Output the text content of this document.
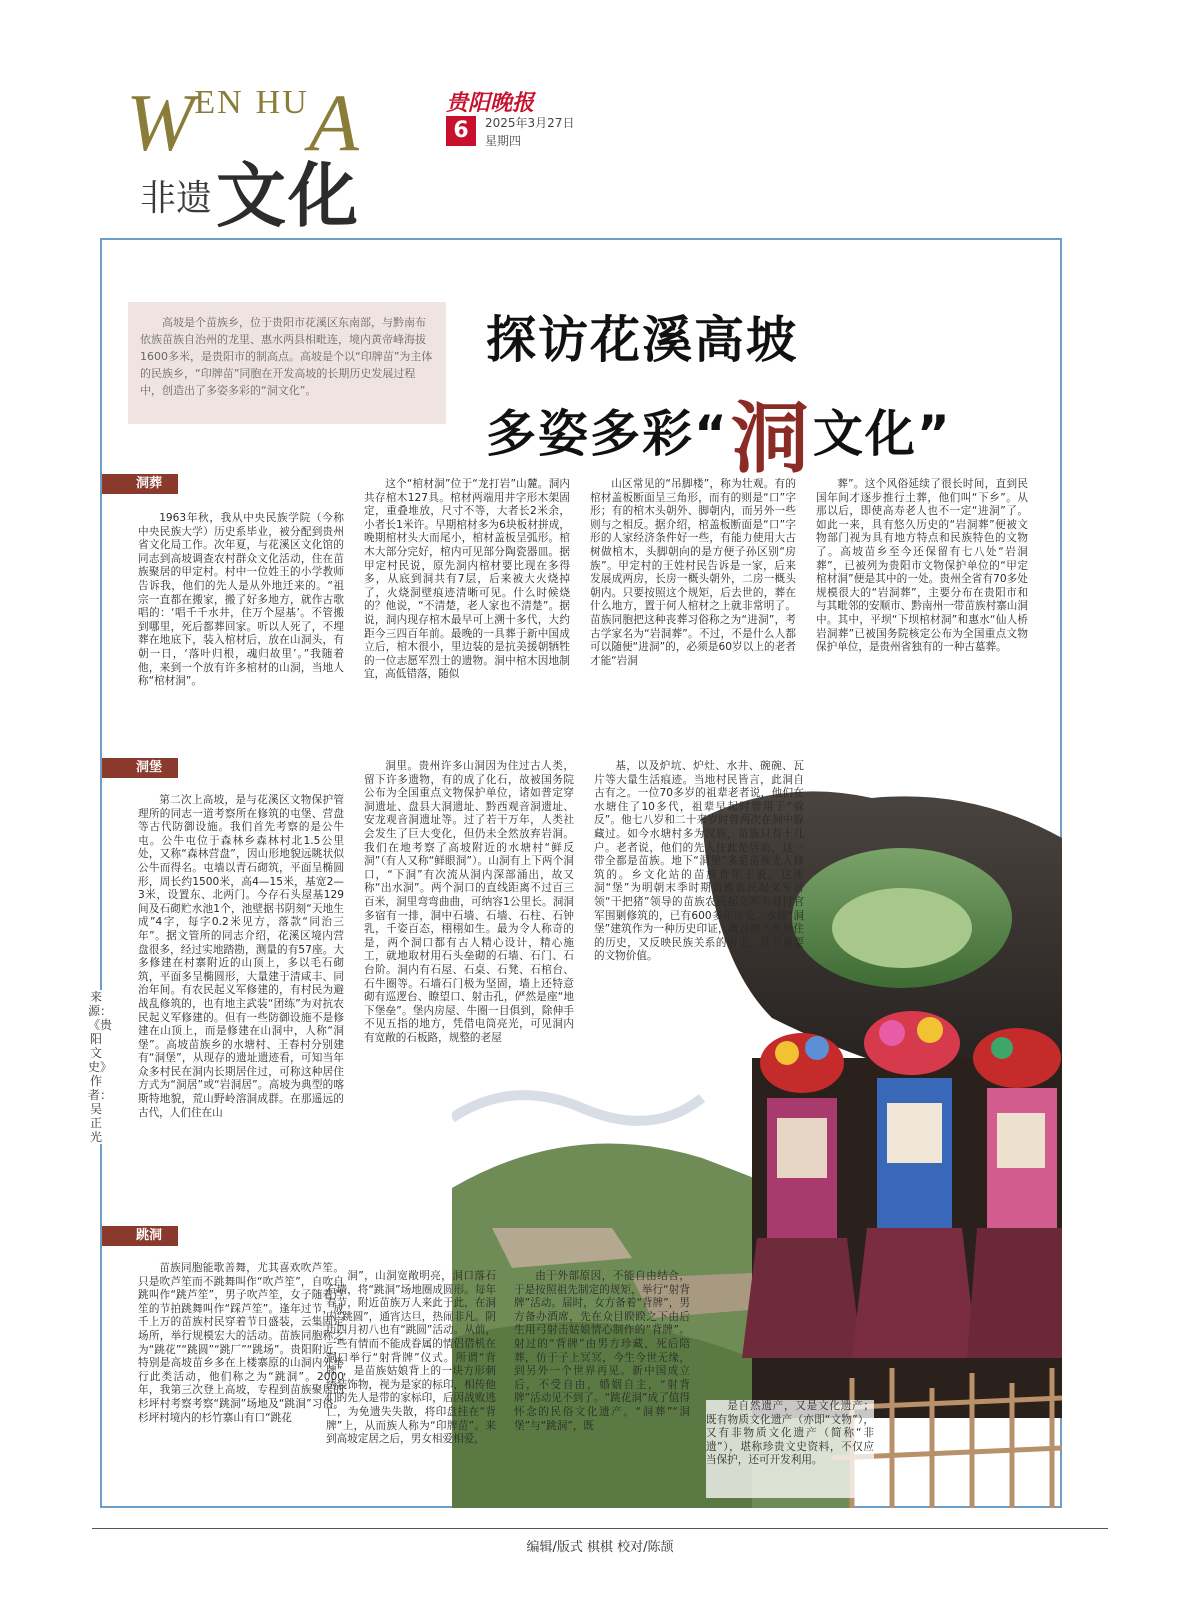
WEN HUA
非遗 文化
贵阳晚报
6	2025年3月27日
星期四
来源：《贵阳文史》作者：吴正光
高坡是个苗族乡，位于贵阳市花溪区东南部，与黔南布依族苗族自治州的龙里、惠水两县相毗连，境内黄帝峰海拔1600多米，是贵阳市的制高点。高坡是个以“印牌苗”为主体的民族乡，“印牌苗”同胞在开发高坡的长期历史发展过程中，创造出了多姿多彩的“洞文化”。
探访花溪高坡
多姿多彩“洞文化”
洞葬

1963年秋，我从中央民族学院（今称中央民族大学）历史系毕业，被分配到贵州省文化局工作。次年夏，与花溪区文化馆的同志到高坡调查农村群众文化活动，住在苗族聚居的甲定村。村中一位姓王的小学教师告诉我，他们的先人是从外地迁来的。“祖宗一直都在搬家，搬了好多地方，就作古歌唱的：‘唱千千水井，住万个屋基’。不管搬到哪里，死后都葬回家。听以人死了，不埋葬在地底下，装入棺材后，放在山洞头，有朝一日，‘落叶归根，魂归故里’。”我随着他，来到一个放有许多棺材的山洞，当地人称“棺材洞”。

这个“棺材洞”位于“龙打岩”山麓。洞内共存棺木127具。棺材两端用井字形木架固定，重叠堆放，尺寸不等，大者长2米余，小者长1米许。早期棺材多为6块板材拼成，晚期棺材头大而尾小，棺材盖板呈弧形。棺木大部分完好，棺内可见部分陶瓷器皿。据甲定村民说，原先洞内棺材要比现在多得多，从底到洞共有7层，后来被大火烧掉了，火烧洞壁痕迹清晰可见。什么时候烧的？他说，“不清楚，老人家也不清楚”。据说，洞内现存棺木最早可上溯十多代，大约距今三四百年前。最晚的一具葬于新中国成立后，棺木很小，里边装的是抗美援朝牺牲的一位志愿军烈士的遗物。洞中棺木因地制宜，高低错落，随似

山区常见的“吊脚楼”，称为壮观。有的棺材盖板断面呈三角形，而有的则是“口”字形；有的棺木头朝外、脚朝内，而另外一些则与之相反。据介绍，棺盖板断面是“口”字形的人家经济条件好一些，有能力使用大古树做棺木，头脚朝向的是方便子孙区别“房族”。甲定村的王姓村民告诉是一家，后来发展成两房，长房一概头朝外，二房一概头朝内。只要按照这个规矩，后去世的，葬在什么地方，置于何人棺材之上就非常明了。苗族同胞把这种丧葬习俗称之为“进洞”，考古学家名为“岩洞葬”。不过，不是什么人都可以随便“进洞”的，必须是60岁以上的老者才能“岩洞

葬”。这个风俗延续了很长时间，直到民国年间才逐步推行土葬，他们叫“下乡”。从那以后，即使高寿老人也不一定“进洞”了。如此一来，具有悠久历史的“岩洞葬”便被文物部门视为具有地方特点和民族特色的文物了。高坡苗乡至今还保留有七八处“岩洞葬”，已被列为贵阳市文物保护单位的“甲定棺材洞”便是其中的一处。贵州全省有70多处规模很大的“岩洞葬”，主要分布在贵阳市和与其毗邻的安顺市、黔南州一带苗族村寨山洞中。其中，平坝“下坝棺材洞”和惠水“仙人桥岩洞葬”已被国务院核定公布为全国重点文物保护单位，是贵州省独有的一种古墓葬。

洞堡

第二次上高坡，是与花溪区文物保护管理所的同志一道考察所在修筑的屯堡、营盘等古代防御设施。我们首先考察的是公牛屯。公牛屯位于森林乡森林村北1.5公里处，又称“森林营盘”，因山形地貌远眺状似公牛而得名。屯墙以青石砌筑，平面呈椭圆形，周长约1500米，高4—15米，基宽2—3米，设置东、北两门。今存石头屋基129间及石砌贮水池1个，池壁据书阴刻“天地生成”4字，每字0.2米见方，落款“同治三年”。据文管所的同志介绍，花溪区境内营盘很多，经过实地踏勘，测量的有57座。大多修建在村寨附近的山顶上，多以毛石砌筑，平面多呈椭圆形，大量建于清咸丰、同治年间。有农民起义军修建的，有村民为避战乱修筑的，也有地主武装“团练”为对抗农民起义军修建的。但有一些防御设施不是修建在山顶上，而是修建在山洞中，人称“洞堡”。高坡苗族乡的水塘村、王春村分别建有“洞堡”，从现存的遗址遗迹看，可知当年众多村民在洞内长期居住过，可称这种居住方式为“洞居”或“岩洞居”。高坡为典型的喀斯特地貌，荒山野岭溶洞成群。在那遥远的古代，人们住在山

洞里。贵州许多山洞因为住过古人类，留下许多遗物，有的成了化石，故被国务院公布为全国重点文物保护单位，诸如普定穿洞遗址、盘县大洞遗址、黔西观音洞遗址、安龙观音洞遗址等。过了若干万年，人类社会发生了巨大变化，但仍未全然放弃岩洞。我们在地考察了高坡附近的水塘村“鲜反洞”（有人又称“鲜眼洞”）。山洞有上下两个洞口，“下洞”有次流从洞内深部涌出，故又称“出水洞”。两个洞口的直线距离不过百三百米，洞里弯弯曲曲，可纳容1公里长。洞洞多宿有一排，洞中石墙、石墙、石柱、石钟乳，千姿百态，栩栩如生。最为令人称奇的是，两个洞口都有古人精心设计，精心施工，就地取材用石头垒砌的石墙、石门、石台阶。洞内有石屋、石桌、石凳、石棺台、石牛圈等。石墙石门极为坚固，墙上还特意砌有巡逻台、瞭望口、射击孔，俨然是座“地下堡垒”。堡内房屋、牛圈一目俱到，除伸手不见五指的地方，凭借电筒亮光，可见洞内有宽敞的石板路，规整的老屋

基，以及炉坑、炉灶、水井、碗碗、瓦片等大量生活痕迹。当地村民皆言，此洞自古有之。一位70多岁的祖辈老者说，他们在水塘住了10多代，祖辈早起时曾用于“躲反”。他七八岁和二十来岁时曾两次在洞中躲藏过。如今水塘村多为汉族，苗族只有十几户。老者说，他们的先人住此是居前，这一带全都是苗族。地下“洞堡”多是苗族先人修筑的。乡文化站的苗族青年王说，这座洞“堡”为明朝末季时期苗族农民起义军首领“干把猪”领导的苗族农民起义军为对付官军围剿修筑的，已有600多年历史。水塘“洞堡”建筑作为一种历史印证，既反映人类居住的历史，又反映民族关系的历史，具有重要的文物价值。

跳洞

苗族同胞能歌善舞，尤其喜欢吹芦笙。只是吹芦笙而不跳舞叫作“吹芦笙”，自吹自跳叫作“跳芦笙”，男子吹芦笙，女子随着芦笙的节拍跳舞叫作“踩芦笙”。逢年过节，成千上万的苗族村民穿着节日盛装，云集固定场所，举行规模宏大的活动。苗族同胞称之为“跳花”“跳圆”“跳厂”“跳场”。贵阳附近，特别是高坡苗乡多在上楼寨原的山洞内外举行此类活动，他们称之为“跳洞”。2000年，我第三次登上高坡，专程到苗族聚居的杉坪村考察考察“跳洞”场地及“跳洞”习俗。杉坪村境内的杉竹寨山有口“跳花

洞”，山洞宽敞明亮，洞口落石石墙，将“跳洞”场地圈成圆形。每年春节，附近苗族万人来此于此，在洞内“跳圆”，通宵达旦，热闹非凡。阴历四月初八也有“跳圆”活动。从前，一些有情而不能成眷属的情侣借机在洞口举行“射背牌”仪式。所谓“背牌”，是苗族姑娘背上的一块方形刺绣装饰物，视为是家的标印，相传他们的先人是带的家标印，后因战败逃亡，为免遗失失散，将印盘挂在“背牌”上，从而族人称为“印牌苗”。来到高坡定居之后，男女相爱相爱，

由于外部原因，不能自由结合，于是按照祖先制定的规矩，举行“射背牌”活动。届时，女方备着“背牌”，男方备办酒席，先在众目睽睽之下由后生用弓射击姑娘情心制作的“背牌”。射过的“背牌”由男方珍藏，死后陪葬，仿于子上冥冥，今生今世无缘，到另外一个世界再见。新中国成立后，不受自由，婚姻自主，“射背牌”活动见不到了。“跳花洞”成了值得怀念的民俗文化遗产。“洞葬”“洞堡”与“跳洞”，既

是自然遗产，又是文化遗产；既有物质文化遗产（亦即“文物”），又有非物质文化遗产（简称“非遗”），堪称珍贵文史资料，不仅应当保护，还可开发利用。

编辑/版式 棋棋 校对/陈颉
